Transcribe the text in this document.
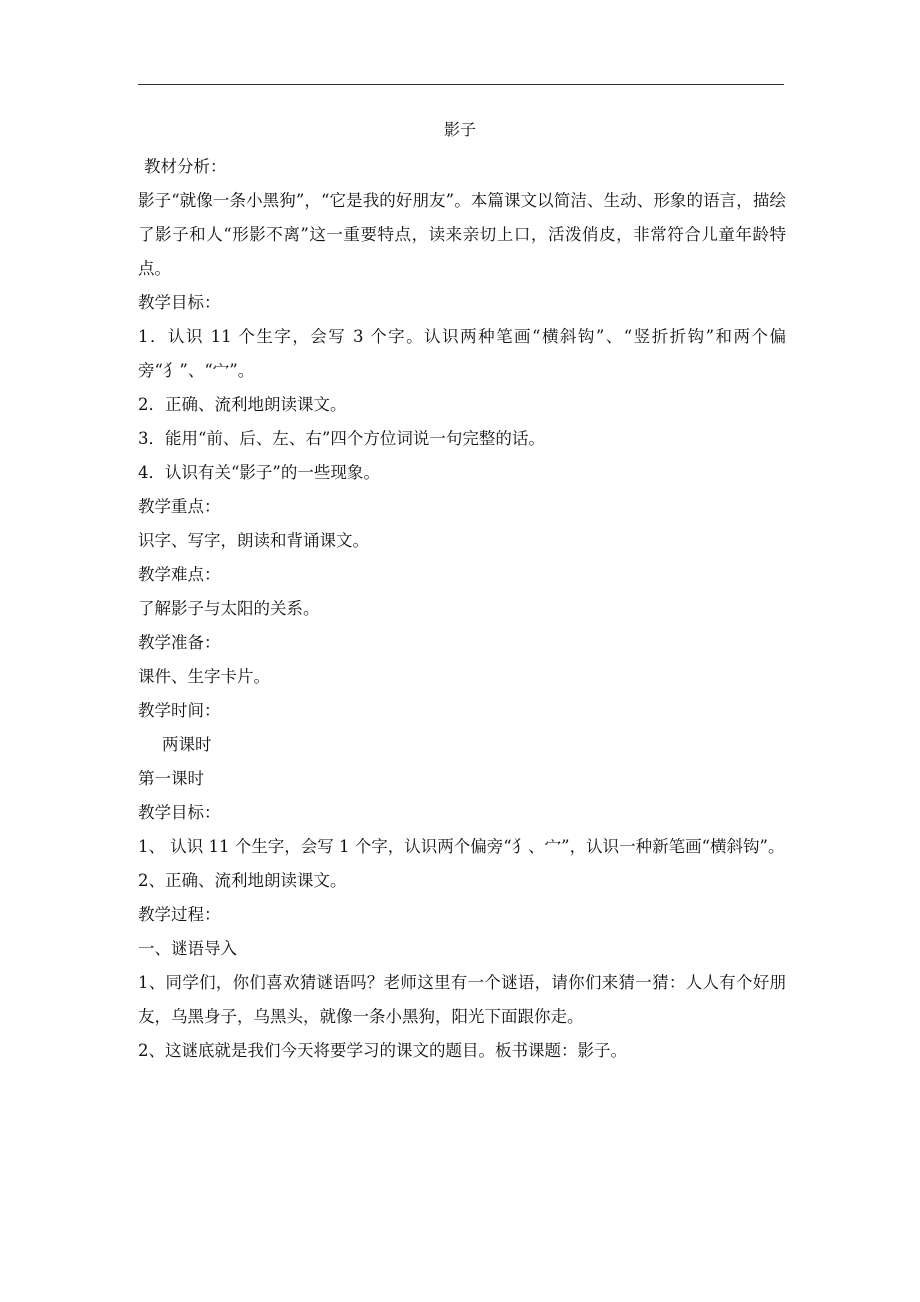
影子

教材分析：

影子“就像一条小黑狗”，“它是我的好朋友”。本篇课文以简洁、生动、形象的语言，描绘了影子和人“形影不离”这一重要特点，读来亲切上口，活泼俏皮，非常符合儿童年龄特点。

教学目标：

1．认识 11 个生字，会写 3 个字。认识两种笔画“横斜钩”、“竖折折钩”和两个偏旁“犭”、“宀”。

2．正确、流利地朗读课文。

3．能用“前、后、左、右”四个方位词说一句完整的话。

4．认识有关“影子”的一些现象。

教学重点：

识字、写字，朗读和背诵课文。

教学难点：

了解影子与太阳的关系。

教学准备：

课件、生字卡片。

教学时间：

两课时

第一课时

教学目标：

1、 认识 11 个生字，会写 1 个字，认识两个偏旁“犭、宀”，认识一种新笔画“横斜钩”。

2、正确、流利地朗读课文。

教学过程：

一、谜语导入

1、同学们，你们喜欢猜谜语吗？老师这里有一个谜语，请你们来猜一猜：人人有个好朋友，乌黑身子，乌黑头，就像一条小黑狗，阳光下面跟你走。

2、这谜底就是我们今天将要学习的课文的题目。板书课题：影子。
